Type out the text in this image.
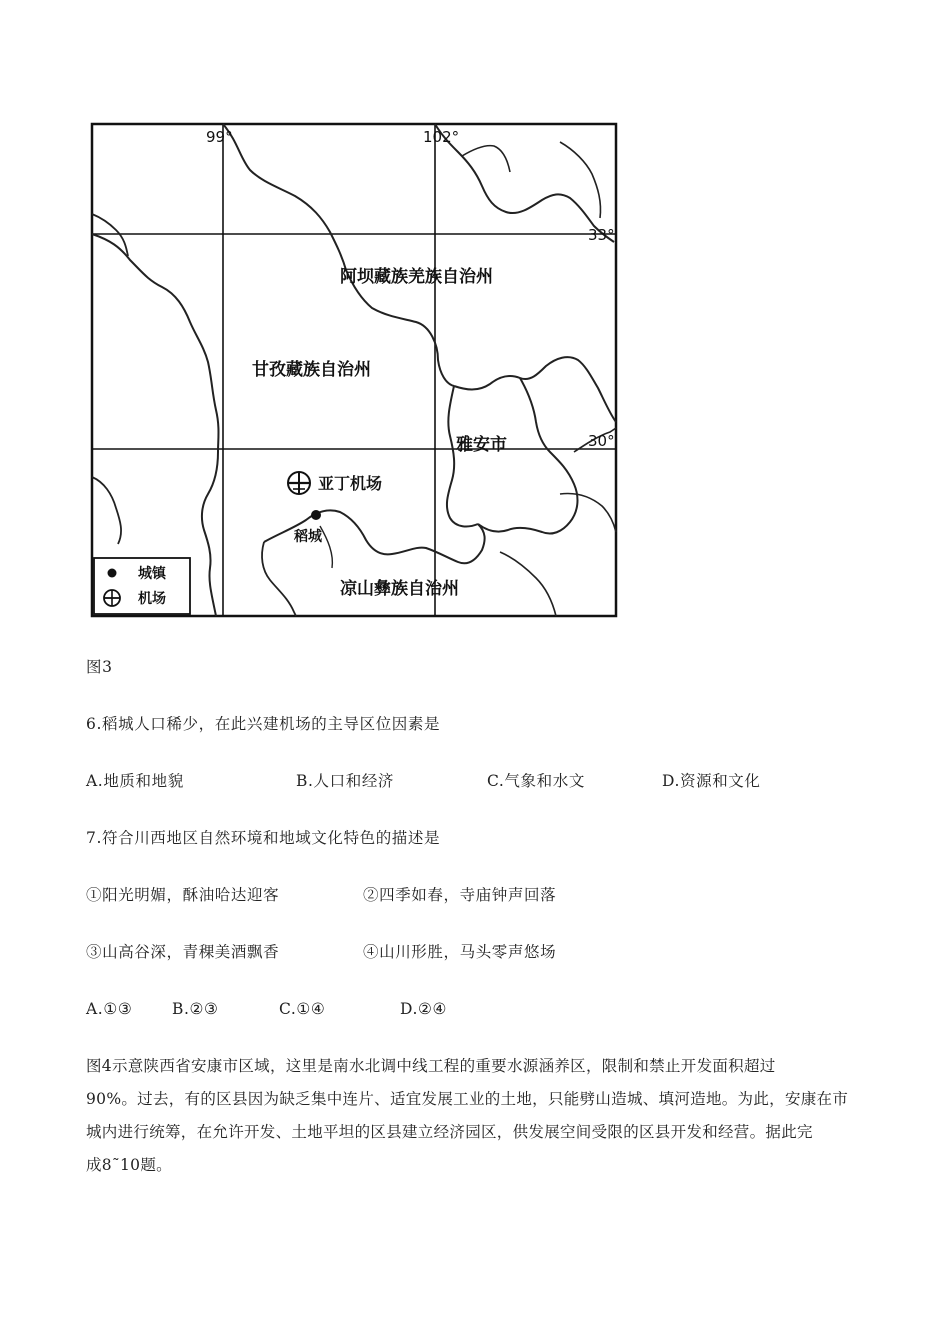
99°	102°
33°
30°
阿坝藏族羌族自治州
甘孜藏族自治州
雅安市
凉山彝族自治州
亚丁机场
稻城
城镇
机场
图3
6.稻城人口稀少，在此兴建机场的主导区位因素是
A.地质和地貌	B.人口和经济	C.气象和水文	D.资源和文化
7.符合川西地区自然环境和地域文化特色的描述是
①阳光明媚，酥油哈达迎客	②四季如春，寺庙钟声回落
③山高谷深，青稞美酒飘香	④山川形胜，马头零声悠场
A.①③	B.②③	C.①④	D.②④
图4示意陕西省安康市区域，这里是南水北调中线工程的重要水源涵养区，限制和禁止开发面积超过
90%。过去，有的区县因为缺乏集中连片、适宜发展工业的土地，只能劈山造城、填河造地。为此，安康在市
城内进行统筹，在允许开发、土地平坦的区县建立经济园区，供发展空间受限的区县开发和经营。据此完
成8˜10题。
